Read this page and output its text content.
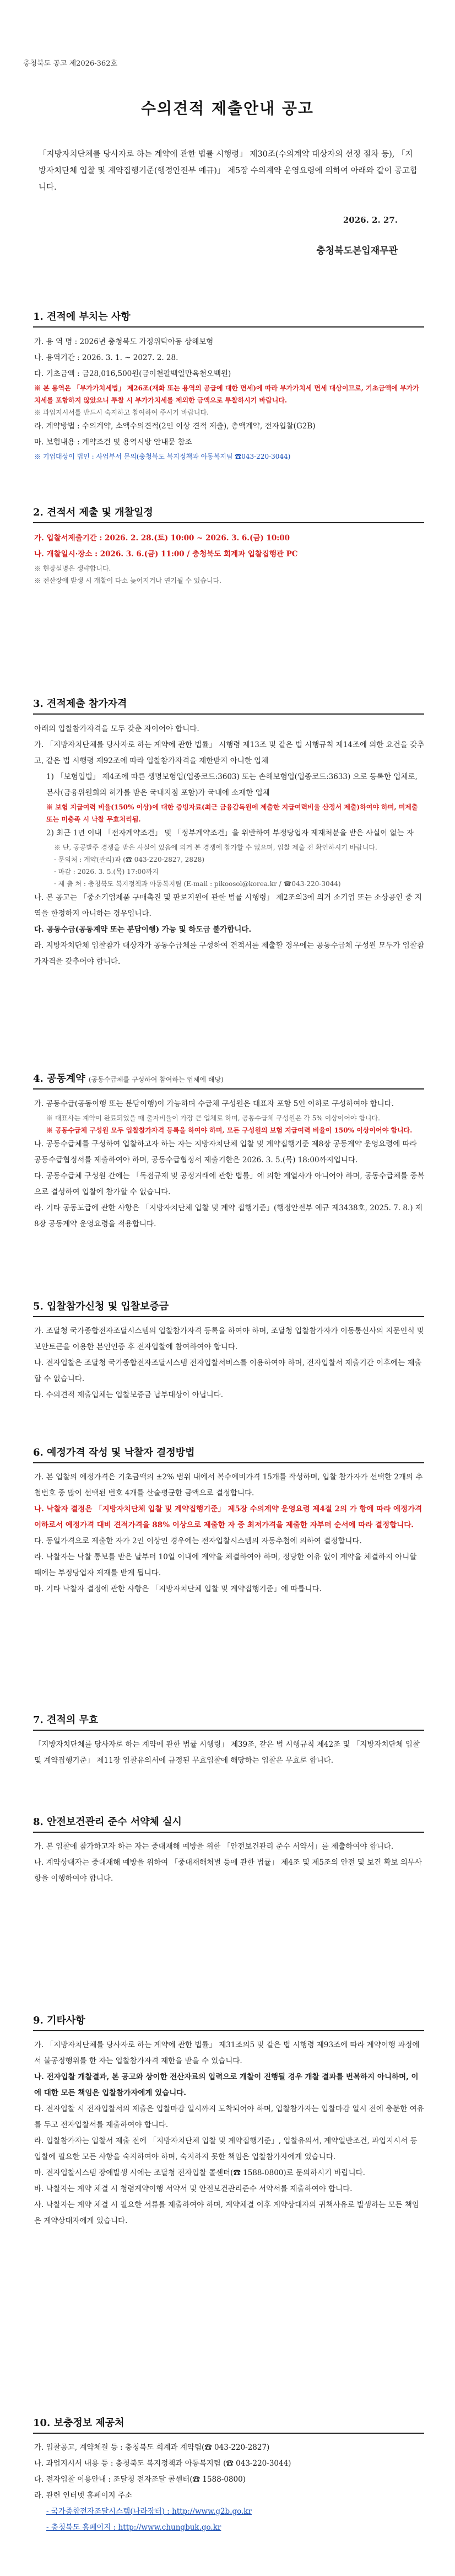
충청북도 공고 제2026-362호
수의견적 제출안내 공고
「지방자치단체를 당사자로 하는 계약에 관한 법률 시행령」 제30조(수의계약 대상자의 선정 절차 등), 「지방자치단체 입찰 및 계약집행기준(행정안전부 예규)」 제5장 수의계약 운영요령에 의하여 아래와 같이 공고합니다.
2026. 2. 27.
충청북도본입재무관
1. 견적에 부치는 사항

가. 용 역 명 : 2026년 충청북도 가정위탁아동 상해보험

나. 용역기간 : 2026. 3. 1. ~ 2027. 2. 28.

다. 기초금액 : 금28,016,500원(금이천팔백일만육천오백원)

※ 본 용역은 「부가가치세법」 제26조(재화 또는 용역의 공급에 대한 면세)에 따라 부가가치세 면세 대상이므로, 기초금액에 부가가치세를 포함하지 않았으니 투찰 시 부가가치세를 제외한 금액으로 투찰하시기 바랍니다.

※ 과업지시서를 반드시 숙지하고 참여하여 주시기 바랍니다.

라. 계약방법 : 수의계약, 소액수의견적(2인 이상 견적 제출), 총액계약, 전자입찰(G2B)

마. 보험내용 : 계약조건 및 용역시방 안내문 참조

※ 기업대상이 법인 : 사업부서 문의(충청북도 복지정책과 아동복지팀 ☎043-220-3044)

2. 견적서 제출 및 개찰일정

가. 입찰서제출기간 : 2026. 2. 28.(토) 10:00 ~ 2026. 3. 6.(금) 10:00

나. 개찰일시·장소 : 2026. 3. 6.(금) 11:00 / 충청북도 회계과 입찰집행관 PC

※ 현장설명은 생략합니다.

※ 전산장애 발생 시 개찰이 다소 늦어지거나 연기될 수 있습니다.

3. 견적제출 참가자격

아래의 입찰참가자격을 모두 갖춘 자이어야 합니다.

가. 「지방자치단체를 당사자로 하는 계약에 관한 법률」 시행령 제13조 및 같은 법 시행규칙 제14조에 의한 요건을 갖추고, 같은 법 시행령 제92조에 따라 입찰참가자격을 제한받지 아니한 업체

1) 「보험업법」 제4조에 따른 생명보험업(업종코드:3603) 또는 손해보험업(업종코드:3633) 으로 등록한 업체로, 본사(금융위원회의 허가를 받은 국내지점 포함)가 국내에 소재한 업체

※ 보험 지급여력 비율(150% 이상)에 대한 증빙자료(최근 금융감독원에 제출한 지급여력비율 산정서 제출)하여야 하며, 미제출 또는 미충족 시 낙찰 무효처리됨.

2) 최근 1년 이내 「전자계약조건」 및 「정부계약조건」을 위반하여 부정당업자 제재처분을 받은 사실이 없는 자

※ 단, 공공발주 경쟁을 받은 사실이 있음에 의거 본 경쟁에 참가할 수 없으며, 입찰 제출 전 확인하시기 바랍니다.

· 문의처 : 계약(관리)과 (☎ 043-220-2827, 2828)

· 마감 : 2026. 3. 5.(목) 17:00까지

· 제 출 처 : 충청북도 복지정책과 아동복지팀 (E-mail : pikoosol@korea.kr / ☎043-220-3044)

나. 본 공고는 「중소기업제품 구매촉진 및 판로지원에 관한 법률 시행령」 제2조의3에 의거 소기업 또는 소상공인 중 지역을 한정하지 아니하는 경우입니다.

다. 공동수급(공동계약 또는 분담이행) 가능 및 하도급 불가합니다.

라. 지방자치단체 입찰참가 대상자가 공동수급체를 구성하여 견적서를 제출할 경우에는 공동수급체 구성원 모두가 입찰참가자격을 갖추어야 합니다.

4. 공동계약 (공동수급체를 구성하여 참여하는 업체에 해당)

가. 공동수급(공동이행 또는 분담이행)이 가능하며 수급체 구성원은 대표자 포함 5인 이하로 구성하여야 합니다.

※ 대표사는 계약이 완료되었을 때 출자비율이 가장 큰 업체로 하며, 공동수급체 구성원은 각 5% 이상이어야 합니다.

※ 공동수급체 구성원 모두 입찰참가자격 등록을 하여야 하며, 모든 구성원의 보험 지급여력 비율이 150% 이상이어야 합니다.

나. 공동수급체를 구성하여 입찰하고자 하는 자는 지방자치단체 입찰 및 계약집행기준 제8장 공동계약 운영요령에 따라 공동수급협정서를 제출하여야 하며, 공동수급협정서 제출기한은 2026. 3. 5.(목) 18:00까지입니다.

다. 공동수급체 구성원 간에는 「독점규제 및 공정거래에 관한 법률」에 의한 계열사가 아니어야 하며, 공동수급체를 중복으로 결성하여 입찰에 참가할 수 없습니다.

라. 기타 공동도급에 관한 사항은 「지방자치단체 입찰 및 계약 집행기준」(행정안전부 예규 제3438호, 2025. 7. 8.) 제8장 공동계약 운영요령을 적용합니다.

5. 입찰참가신청 및 입찰보증금

가. 조달청 국가종합전자조달시스템의 입찰참가자격 등록을 하여야 하며, 조달청 입찰참가자가 이동통신사의 지문인식 및 보안토큰을 이용한 본인인증 후 전자입찰에 참여하여야 합니다.

나. 전자입찰은 조달청 국가종합전자조달시스템 전자입찰서비스를 이용하여야 하며, 전자입찰서 제출기간 이후에는 제출할 수 없습니다.

다. 수의견적 제출업체는 입찰보증금 납부대상이 아닙니다.

6. 예정가격 작성 및 낙찰자 결정방법

가. 본 입찰의 예정가격은 기초금액의 ±2% 범위 내에서 복수예비가격 15개를 작성하며, 입찰 참가자가 선택한 2개의 추첨번호 중 많이 선택된 번호 4개를 산술평균한 금액으로 결정합니다.

나. 낙찰자 결정은 「지방자치단체 입찰 및 계약집행기준」 제5장 수의계약 운영요령 제4절 2의 가 항에 따라 예정가격 이하로서 예정가격 대비 견적가격을 88% 이상으로 제출한 자 중 최저가격을 제출한 자부터 순서에 따라 결정합니다.

다. 동일가격으로 제출한 자가 2인 이상인 경우에는 전자입찰시스템의 자동추첨에 의하여 결정합니다.

라. 낙찰자는 낙찰 통보를 받은 날부터 10일 이내에 계약을 체결하여야 하며, 정당한 이유 없이 계약을 체결하지 아니할 때에는 부정당업자 제재를 받게 됩니다.

마. 기타 낙찰자 결정에 관한 사항은 「지방자치단체 입찰 및 계약집행기준」에 따릅니다.

7. 견적의 무효

「지방자치단체를 당사자로 하는 계약에 관한 법률 시행령」 제39조, 같은 법 시행규칙 제42조 및 「지방자치단체 입찰 및 계약집행기준」 제11장 입찰유의서에 규정된 무효입찰에 해당하는 입찰은 무효로 합니다.

8. 안전보건관리 준수 서약체 실시

가. 본 입찰에 참가하고자 하는 자는 중대재해 예방을 위한 「안전보건관리 준수 서약서」를 제출하여야 합니다.

나. 계약상대자는 중대재해 예방을 위하여 「중대재해처벌 등에 관한 법률」 제4조 및 제5조의 안전 및 보건 확보 의무사항을 이행하여야 합니다.

9. 기타사항

가. 「지방자치단체를 당사자로 하는 계약에 관한 법률」 제31조의5 및 같은 법 시행령 제93조에 따라 계약이행 과정에서 불공정행위를 한 자는 입찰참가자격 제한을 받을 수 있습니다.

나. 전자입찰 개찰결과, 본 공고와 상이한 전산자료의 입력으로 개찰이 진행될 경우 개찰 결과를 번복하지 아니하며, 이에 대한 모든 책임은 입찰참가자에게 있습니다.

다. 전자입찰 시 전자입찰서의 제출은 입찰마감 일시까지 도착되어야 하며, 입찰참가자는 입찰마감 일시 전에 충분한 여유를 두고 전자입찰서를 제출하여야 합니다.

라. 입찰참가자는 입찰서 제출 전에 「지방자치단체 입찰 및 계약집행기준」, 입찰유의서, 계약일반조건, 과업지시서 등 입찰에 필요한 모든 사항을 숙지하여야 하며, 숙지하지 못한 책임은 입찰참가자에게 있습니다.

마. 전자입찰시스템 장애발생 시에는 조달청 전자입찰 콜센터(☎ 1588-0800)로 문의하시기 바랍니다.

바. 낙찰자는 계약 체결 시 청렴계약이행 서약서 및 안전보건관리준수 서약서를 제출하여야 합니다.

사. 낙찰자는 계약 체결 시 필요한 서류를 제출하여야 하며, 계약체결 이후 계약상대자의 귀책사유로 발생하는 모든 책임은 계약상대자에게 있습니다.

10. 보충정보 제공처

가. 입찰공고, 계약체결 등 : 충청북도 회계과 계약팀(☎ 043-220-2827)

나. 과업지시서 내용 등 : 충청북도 복지정책과 아동복지팀 (☎ 043-220-3044)

다. 전자입찰 이용안내 : 조달청 전자조달 콜센터(☎ 1588-0800)

라. 관련 인터넷 홈페이지 주소

- 국가종합전자조달시스템(나라장터) : http://www.g2b.go.kr

- 충청북도 홈페이지 : http://www.chungbuk.go.kr
